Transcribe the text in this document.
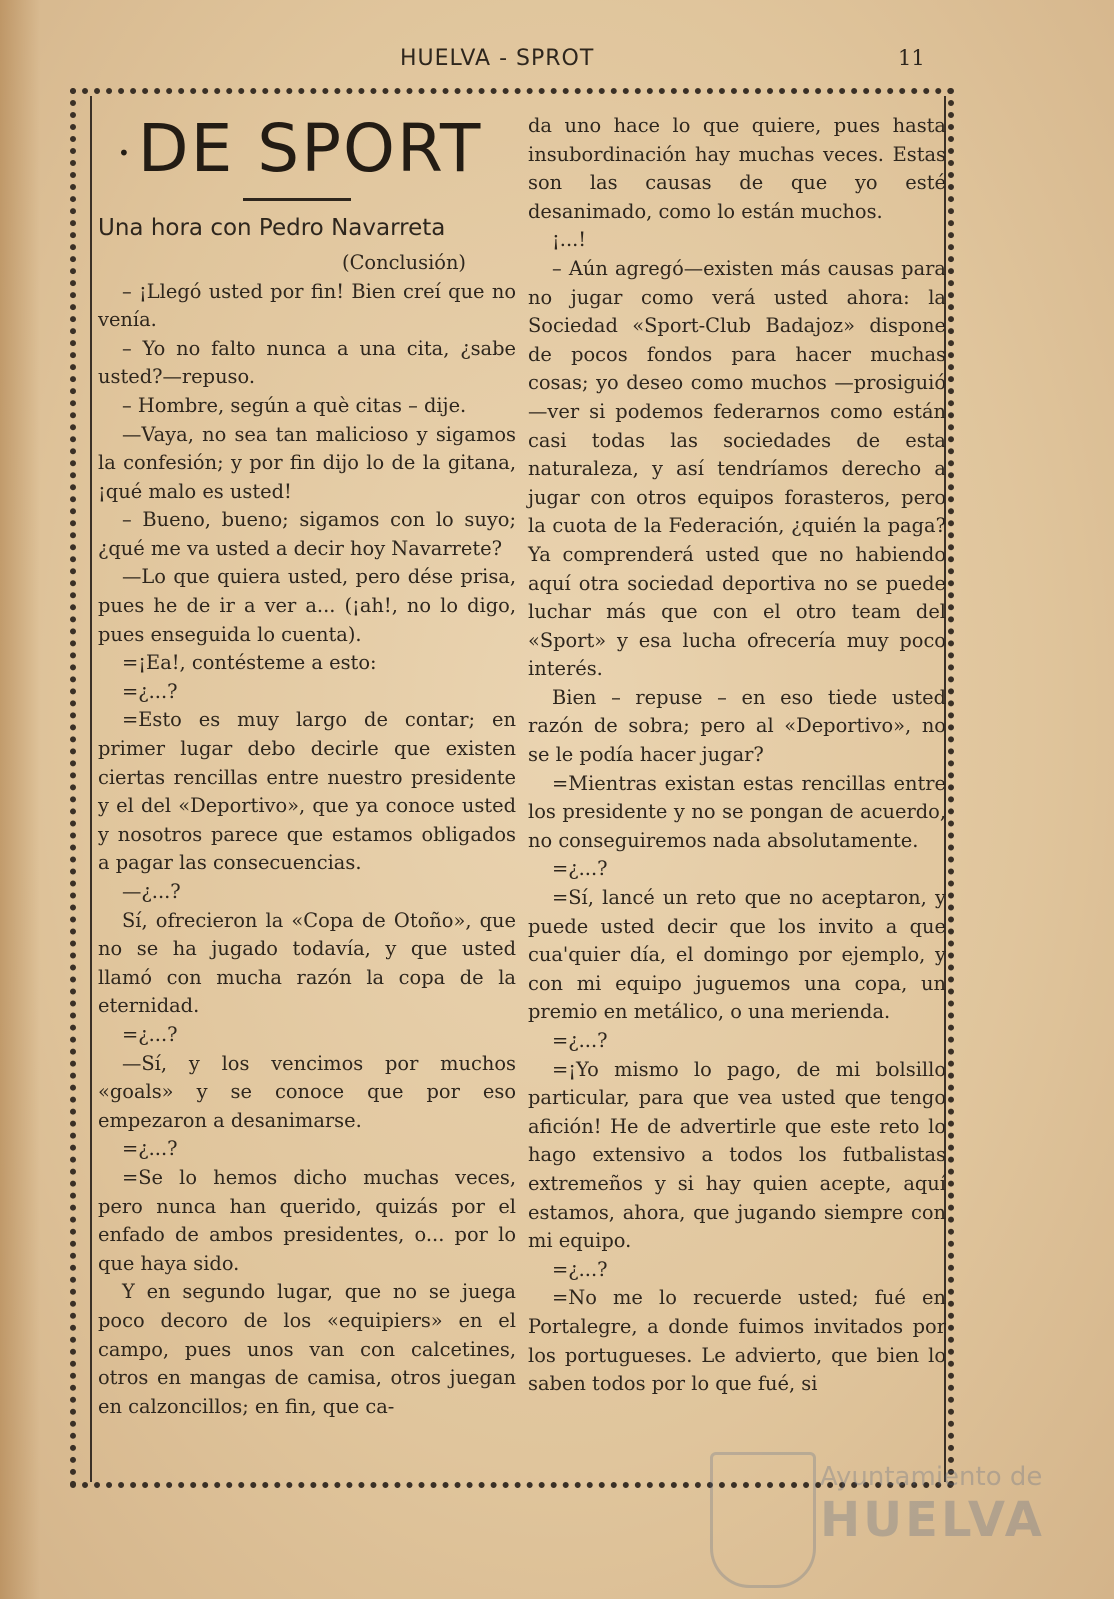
HUELVA - SPROT	11
•DE SPORT
Una hora con Pedro Navarreta

(Conclusión)

– ¡Llegó usted por fin! Bien creí que no venía.

– Yo no falto nunca a una cita, ¿sabe usted?—repuso.

– Hombre, según a què citas – dije.

—Vaya, no sea tan malicioso y sigamos la confesión; y por fin dijo lo de la gitana, ¡qué malo es usted!

– Bueno, bueno; sigamos con lo suyo; ¿qué me va usted a decir hoy Navarrete?

—Lo que quiera usted, pero dése prisa, pues he de ir a ver a... (¡ah!, no lo digo, pues enseguida lo cuenta).

=¡Ea!, contésteme a esto:

=¿...?

=Esto es muy largo de contar; en primer lugar debo decirle que existen ciertas rencillas entre nuestro presidente y el del «Deportivo», que ya conoce usted y nosotros parece que estamos obligados a pagar las consecuencias.

—¿...?

Sí, ofrecieron la «Copa de Otoño», que no se ha jugado todavía, y que usted llamó con mucha razón la copa de la eternidad.

=¿...?

—Sí, y los vencimos por muchos «goals» y se conoce que por eso empezaron a desanimarse.

=¿...?

=Se lo hemos dicho muchas veces, pero nunca han querido, quizás por el enfado de ambos presidentes, o... por lo que haya sido.

Y en segundo lugar, que no se juega poco decoro de los «equipiers» en el campo, pues unos van con calcetines, otros en mangas de camisa, otros juegan en calzoncillos; en fin, que ca-

da uno hace lo que quiere, pues hasta insubordinación hay muchas veces. Estas son las causas de que yo esté desanimado, como lo están muchos.

¡...!

– Aún agregó—existen más causas para no jugar como verá usted ahora: la Sociedad «Sport-Club Badajoz» dispone de pocos fondos para hacer muchas cosas; yo deseo como muchos —prosiguió—ver si podemos federarnos como están casi todas las sociedades de esta naturaleza, y así tendríamos derecho a jugar con otros equipos forasteros, pero la cuota de la Federación, ¿quién la paga? Ya comprenderá usted que no habiendo aquí otra sociedad deportiva no se puede luchar más que con el otro team del «Sport» y esa lucha ofrecería muy poco interés.

Bien – repuse – en eso tiede usted razón de sobra; pero al «Deportivo», no se le podía hacer jugar?

=Mientras existan estas rencillas entre los presidente y no se pongan de acuerdo, no conseguiremos nada absolutamente.

=¿...?

=Sí, lancé un reto que no aceptaron, y puede usted decir que los invito a que cua'quier día, el domingo por ejemplo, y con mi equipo juguemos una copa, un premio en metálico, o una merienda.

=¿...?

=¡Yo mismo lo pago, de mi bolsillo particular, para que vea usted que tengo afición! He de advertirle que este reto lo hago extensivo a todos los futbalistas extremeños y si hay quien acepte, aquí estamos, ahora, que jugando siempre con mi equipo.

=¿...?

=No me lo recuerde usted; fué en Portalegre, a donde fuimos invitados por los portugueses. Le advierto, que bien lo saben todos por lo que fué, si

Ayuntamiento de
HUELVA
